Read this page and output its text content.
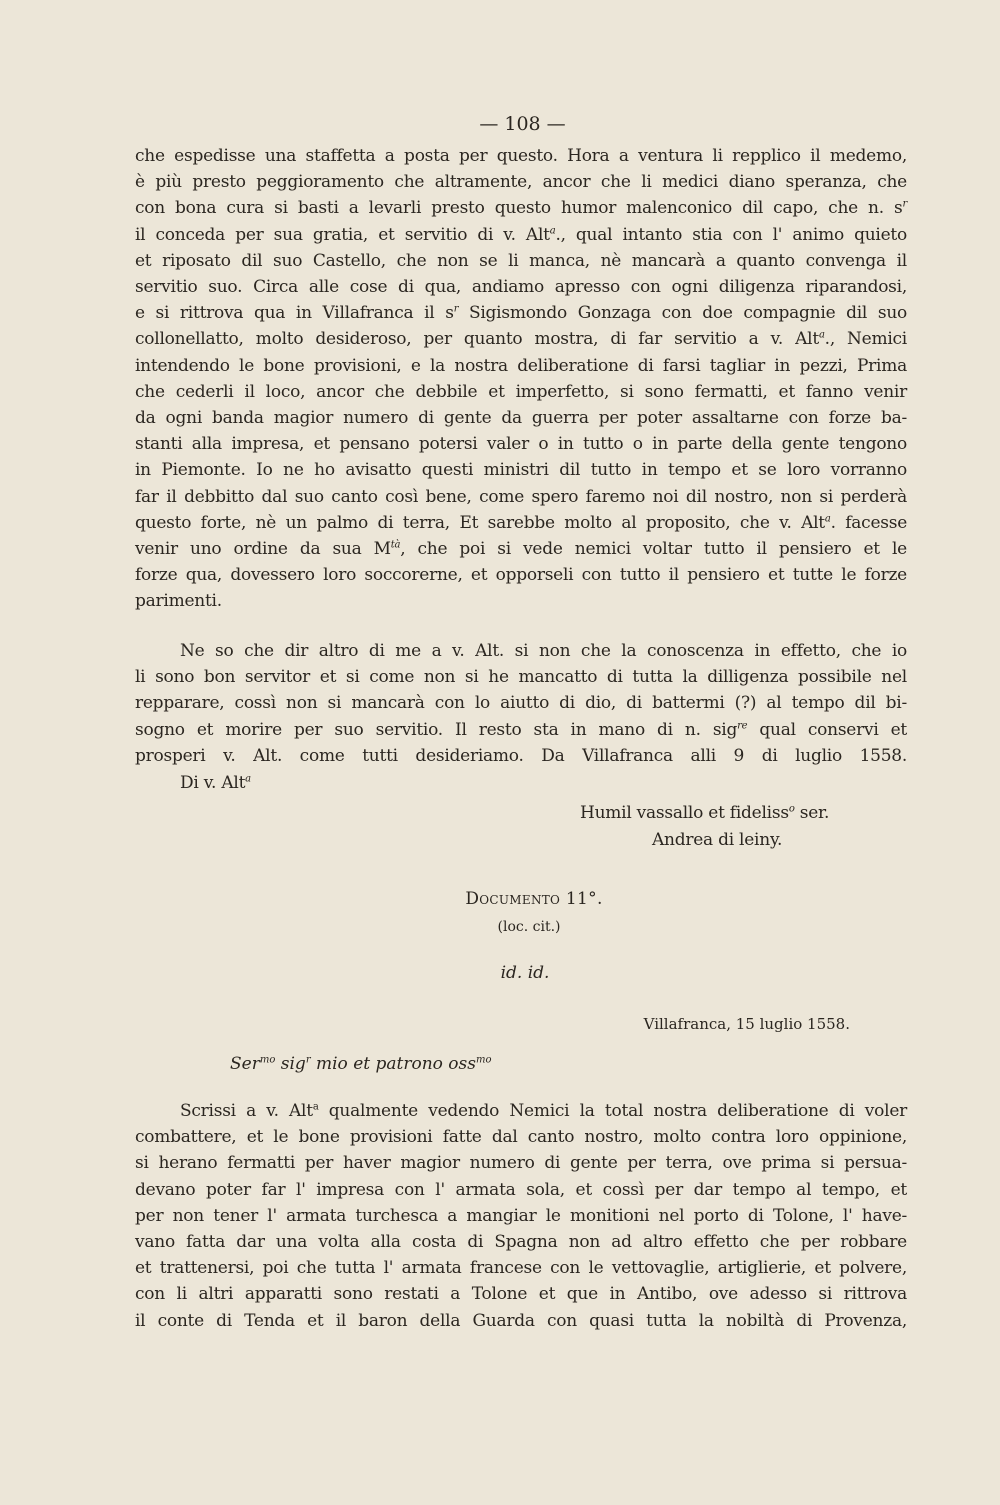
— 108 —
che espedisse una staffetta a posta per questo. Hora a ventura li repplico il medemo,
è più presto peggioramento che altramente, ancor che li medici diano speranza, che
con bona cura si basti a levarli presto questo humor malenconico dil capo, che n. $s^r$
il conceda per sua gratia, et servitio di v. Alt$^a$., qual intanto stia con l' animo quieto
et riposato dil suo Castello, che non se li manca, nè mancarà a quanto convenga il
servitio suo. Circa alle cose di qua, andiamo apresso con ogni diligenza riparandosi,
e si rittrova qua in Villafranca il $s^r$ Sigismondo Gonzaga con doe compagnie dil suo
collonellatto, molto desideroso, per quanto mostra, di far servitio a v. Alt$^a$., Nemici
intendendo le bone provisioni, e la nostra deliberatione di farsi tagliar in pezzi, Prima
che cederli il loco, ancor che debbile et imperfetto, si sono fermatti, et fanno venir
da ogni banda magior numero di gente da guerra per poter assaltarne con forze ba-
stanti alla impresa, et pensano potersi valer o in tutto o in parte della gente tengono
in Piemonte. Io ne ho avisatto questi ministri dil tutto in tempo et se loro vorranno
far il debbitto dal suo canto così bene, come spero faremo noi dil nostro, non si perderà
questo forte, nè un palmo di terra, Et sarebbe molto al proposito, che v. Alt$^a$. facesse
venir uno ordine da sua $M^{tà}$, che poi si vede nemici voltar tutto il pensiero et le
forze qua, dovessero loro soccorerne, et opporseli con tutto il pensiero et tutte le forze
parimenti.
Ne so che dir altro di me a v. Alt. si non che la conoscenza in effetto, che io
li sono bon servitor et si come non si he mancatto di tutta la dilligenza possibile nel
repparare, cossì non si mancarà con lo aiutto di dio, di battermi (?) al tempo dil bi-
sogno et morire per suo servitio. Il resto sta in mano di n. sig$^{re}$ qual conservi et
prosperi v. Alt. come tutti desideriamo. Da Villafranca alli 9 di luglio 1558.
Di v. Alt$^a$
Humil vassallo et fideliss$^o$ ser.
Andrea di leiny.
Documento 11°.
(loc. cit.)
id. id.
Villafranca, 15 luglio 1558.
Ser$^{mo}$ sig$^r$ mio et patrono oss$^{mo}$
Scrissi a v. Alt$^a$ qualmente vedendo Nemici la total nostra deliberatione di voler
combattere, et le bone provisioni fatte dal canto nostro, molto contra loro oppinione,
si herano fermatti per haver magior numero di gente per terra, ove prima si persua-
devano poter far l' impresa con l' armata sola, et cossì per dar tempo al tempo, et
per non tener l' armata turchesca a mangiar le monitioni nel porto di Tolone, l' have-
vano fatta dar una volta alla costa di Spagna non ad altro effetto che per robbare
et trattenersi, poi che tutta l' armata francese con le vettovaglie, artiglierie, et polvere,
con li altri apparatti sono restati a Tolone et que in Antibo, ove adesso si rittrova
il conte di Tenda et il baron della Guarda con quasi tutta la nobiltà di Provenza,
